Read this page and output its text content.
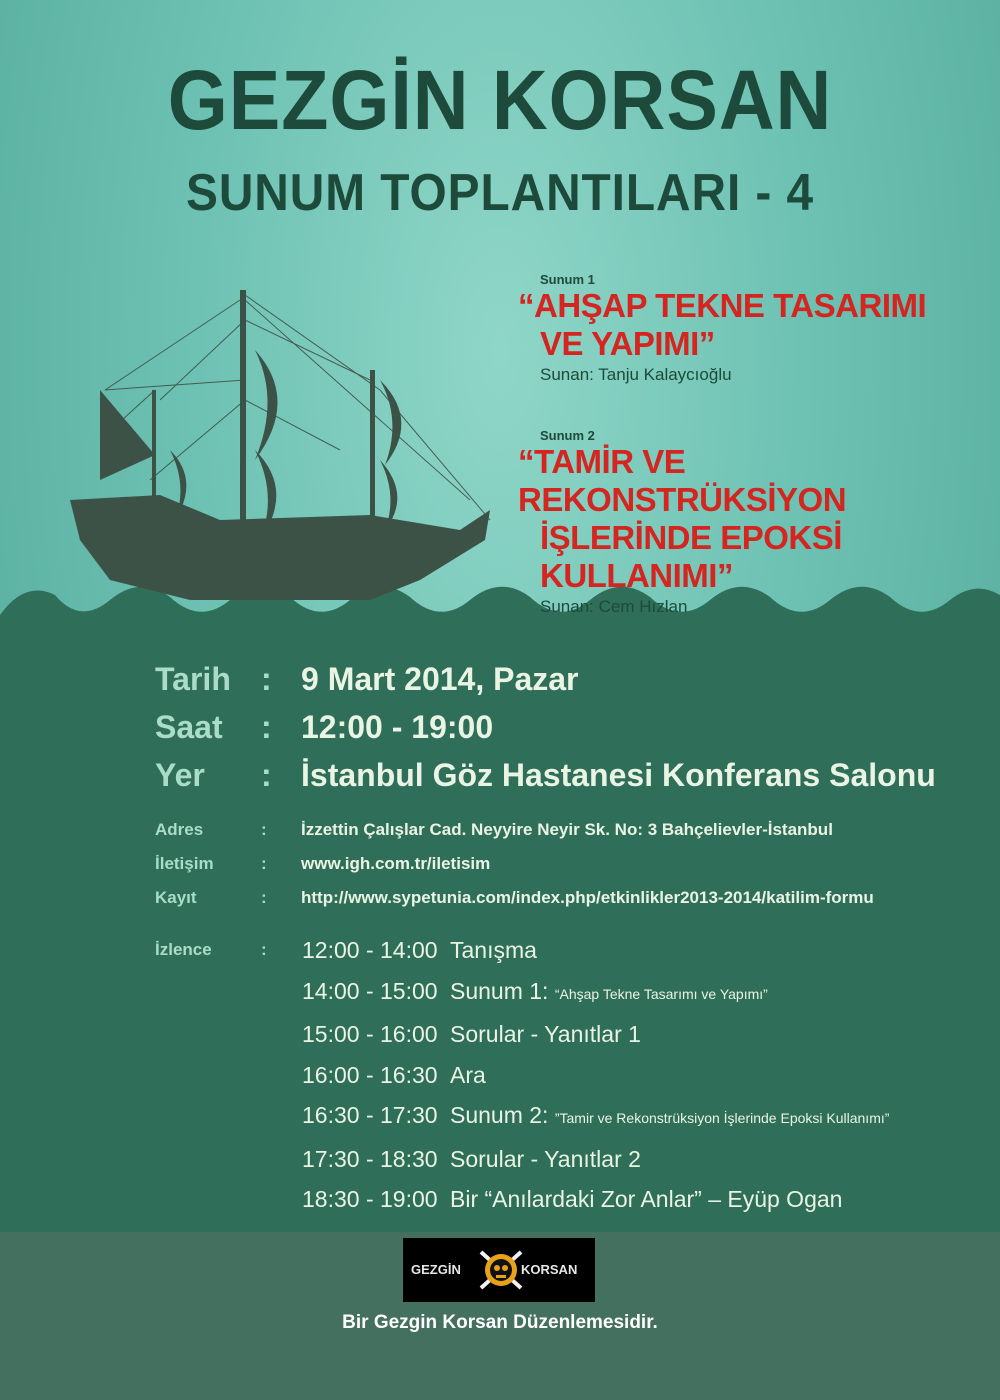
GEZGİN KORSAN
SUNUM TOPLANTILARI - 4
Sunum 1
“AHŞAP TEKNE TASARIMI
VE YAPIMI”
Sunan: Tanju Kalaycıoğlu
Sunum 2
“TAMİR VE REKONSTRÜKSİYON
İŞLERİNDE EPOKSİ KULLANIMI”
Sunan: Cem Hızlan
Tarih : 9 Mart 2014, Pazar
Saat : 12:00 - 19:00
Yer : İstanbul Göz Hastanesi Konferans Salonu
Adres	: İzzettin Çalışlar Cad. Neyyire Neyir Sk. No: 3 Bahçelievler-İstanbul
İletişim	: www.igh.com.tr/iletisim
Kayıt	: http://www.sypetunia.com/index.php/etkinlikler2013-2014/katilim-formu
İzlence	: 12:00 - 14:00 Tanışma
14:00 - 15:00 Sunum 1: “Ahşap Tekne Tasarımı ve Yapımı”
15:00 - 16:00 Sorular - Yanıtlar 1
16:00 - 16:30 Ara
16:30 - 17:30 Sunum 2: ”Tamir ve Rekonstrüksiyon İşlerinde Epoksi Kullanımı”
17:30 - 18:30 Sorular - Yanıtlar 2
18:30 - 19:00 Bir “Anılardaki Zor Anlar” – Eyüp Ogan
GEZGİN	KORSAN
Bir Gezgin Korsan Düzenlemesidir.
